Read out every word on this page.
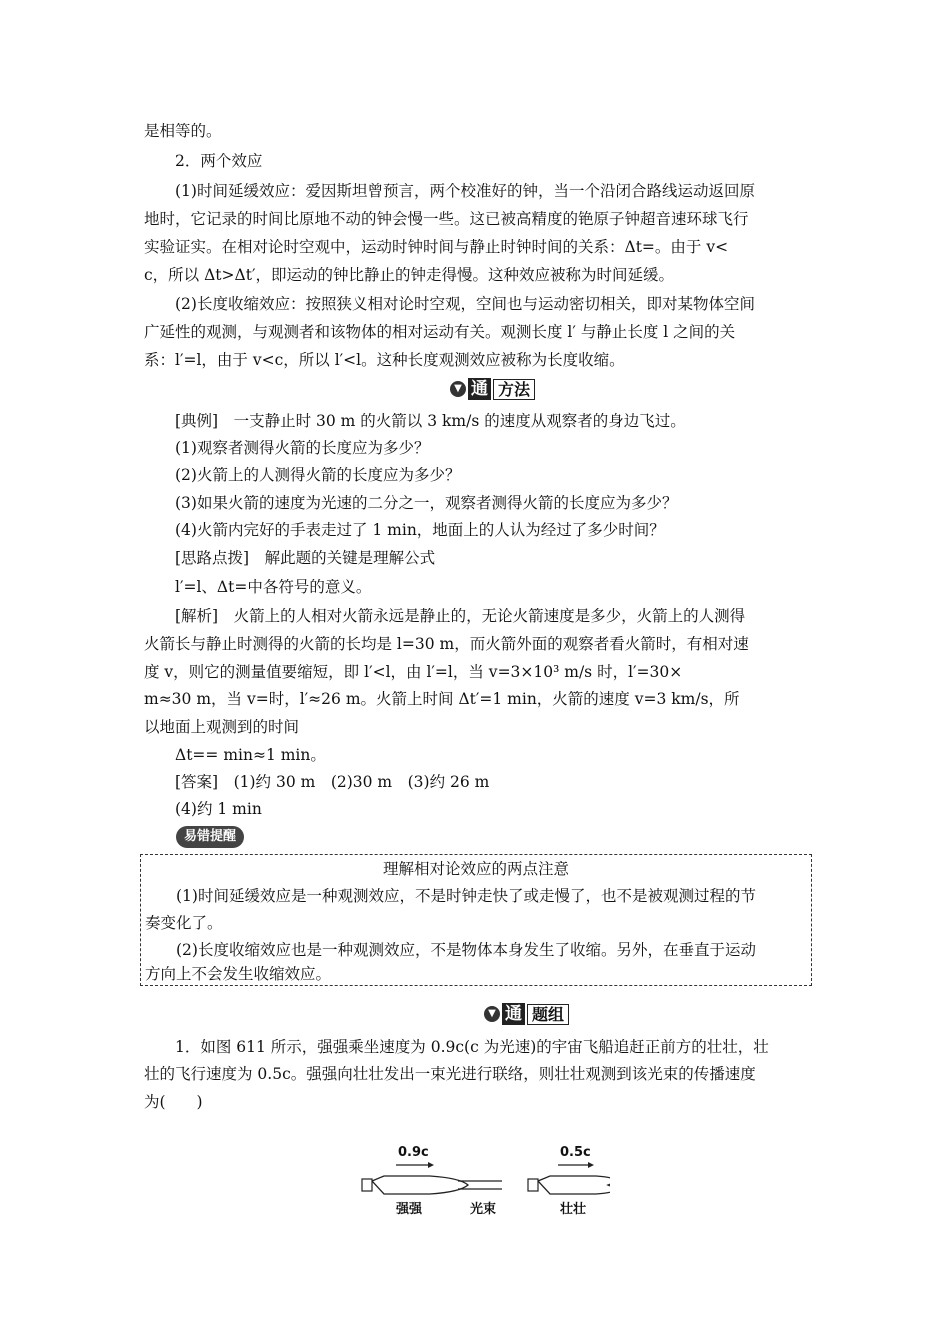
是相等的。
2．两个效应
(1)时间延缓效应：爱因斯坦曾预言，两个校准好的钟，当一个沿闭合路线运动返回原
地时，它记录的时间比原地不动的钟会慢一些。这已被高精度的铯原子钟超音速环球飞行
实验证实。在相对论时空观中，运动时钟时间与静止时钟时间的关系：Δt=。由于 v<
c，所以 Δt>Δt′，即运动的钟比静止的钟走得慢。这种效应被称为时间延缓。
(2)长度收缩效应：按照狭义相对论时空观，空间也与运动密切相关，即对某物体空间
广延性的观测，与观测者和该物体的相对运动有关。观测长度 l′ 与静止长度 l 之间的关
系：l′=l，由于 v<c，所以 l′<l。这种长度观测效应被称为长度收缩。
▼ 通 方法
[典例]　一支静止时 30 m 的火箭以 3 km/s 的速度从观察者的身边飞过。
(1)观察者测得火箭的长度应为多少？
(2)火箭上的人测得火箭的长度应为多少？
(3)如果火箭的速度为光速的二分之一，观察者测得火箭的长度应为多少？
(4)火箭内完好的手表走过了 1 min，地面上的人认为经过了多少时间？
[思路点拨]　解此题的关键是理解公式
l′=l、Δt=中各符号的意义。
[解析]　火箭上的人相对火箭永远是静止的，无论火箭速度是多少，火箭上的人测得
火箭长与静止时测得的火箭的长均是 l=30 m，而火箭外面的观察者看火箭时，有相对速
度 v，则它的测量值要缩短，即 l′<l，由 l′=l，当 v=3×10³ m/s 时，l′=30×
m≈30 m，当 v=时，l′≈26 m。火箭上时间 Δt′=1 min，火箭的速度 v=3 km/s，所
以地面上观测到的时间
Δt== min≈1 min。
[答案]　(1)约 30 m　(2)30 m　(3)约 26 m
(4)约 1 min
易错提醒
理解相对论效应的两点注意
(1)时间延缓效应是一种观测效应，不是时钟走快了或走慢了，也不是被观测过程的节
奏变化了。
(2)长度收缩效应也是一种观测效应，不是物体本身发生了收缩。另外，在垂直于运动
方向上不会发生收缩效应。
▼ 通 题组
1．如图 611 所示，强强乘坐速度为 0.9c(c 为光速)的宇宙飞船追赶正前方的壮壮，壮
壮的飞行速度为 0.5c。强强向壮壮发出一束光进行联络，则壮壮观测到该光束的传播速度
为(　　)
0.9c	0.5c
强强	光束	壮壮
